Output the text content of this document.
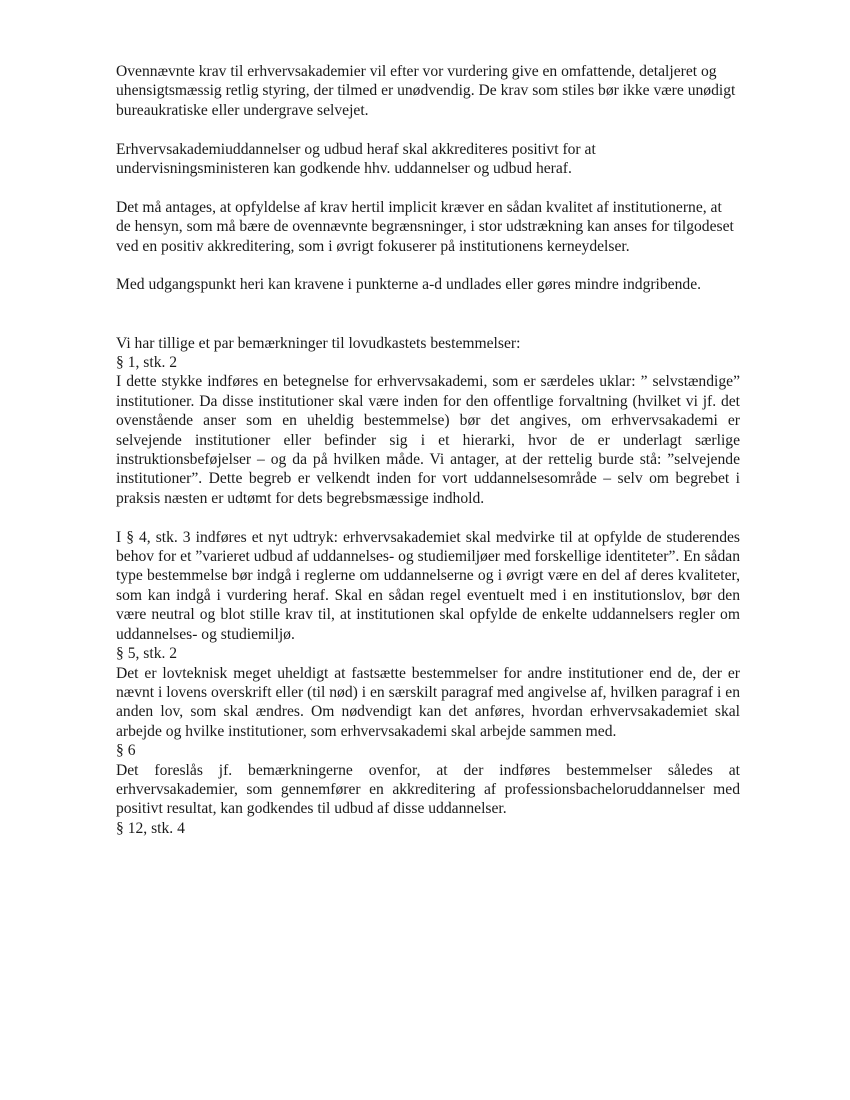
Ovennævnte krav til erhvervsakademier vil efter vor vurdering give en omfattende, detaljeret og uhensigtsmæssig retlig styring, der tilmed er unødvendig. De krav som stiles bør ikke være unødigt bureaukratiske eller undergrave selvejet.

Erhvervsakademiuddannelser og udbud heraf skal akkrediteres positivt for at undervisningsministeren kan godkende hhv. uddannelser og udbud heraf.

Det må antages, at opfyldelse af krav hertil implicit kræver en sådan kvalitet af institutionerne, at de hensyn, som må bære de ovennævnte begrænsninger, i stor udstrækning kan anses for tilgodeset ved en positiv akkreditering, som i øvrigt fokuserer på institutionens kerneydelser.

Med udgangspunkt heri kan kravene i punkterne a-d undlades eller gøres mindre indgribende.

Vi har tillige et par bemærkninger til lovudkastets bestemmelser:

§ 1, stk. 2

I dette stykke indføres en betegnelse for erhvervsakademi, som er særdeles uklar: ” selvstændige” institutioner. Da disse institutioner skal være inden for den offentlige forvaltning (hvilket vi jf. det ovenstående anser som en uheldig bestemmelse) bør det angives, om erhvervsakademi er selvejende institutioner eller befinder sig i et hierarki, hvor de er underlagt særlige instruktionsbeføjelser – og da på hvilken måde. Vi antager, at der rettelig burde stå: ”selvejende institutioner”. Dette begreb er velkendt inden for vort uddannelsesområde – selv om begrebet i praksis næsten er udtømt for dets begrebsmæssige indhold.

I § 4, stk. 3 indføres et nyt udtryk: erhvervsakademiet skal medvirke til at opfylde de studerendes behov for et ”varieret udbud af uddannelses- og studiemiljøer med forskellige identiteter”. En sådan type bestemmelse bør indgå i reglerne om uddannelserne og i øvrigt være en del af deres kvaliteter, som kan indgå i vurdering heraf. Skal en sådan regel eventuelt med i en institutionslov, bør den være neutral og blot stille krav til, at institutionen skal opfylde de enkelte uddannelsers regler om uddannelses- og studiemiljø.

§ 5, stk. 2

Det er lovteknisk meget uheldigt at fastsætte bestemmelser for andre institutioner end de, der er nævnt i lovens overskrift eller (til nød) i en særskilt paragraf med angivelse af, hvilken paragraf i en anden lov, som skal ændres. Om nødvendigt kan det anføres, hvordan erhvervsakademiet skal arbejde og hvilke institutioner, som erhvervsakademi skal arbejde sammen med.

§ 6

Det foreslås jf. bemærkningerne ovenfor, at der indføres bestemmelser således at erhvervsakademier, som gennemfører en akkreditering af professionsbacheloruddannelser med positivt resultat, kan godkendes til udbud af disse uddannelser.

§ 12, stk. 4
